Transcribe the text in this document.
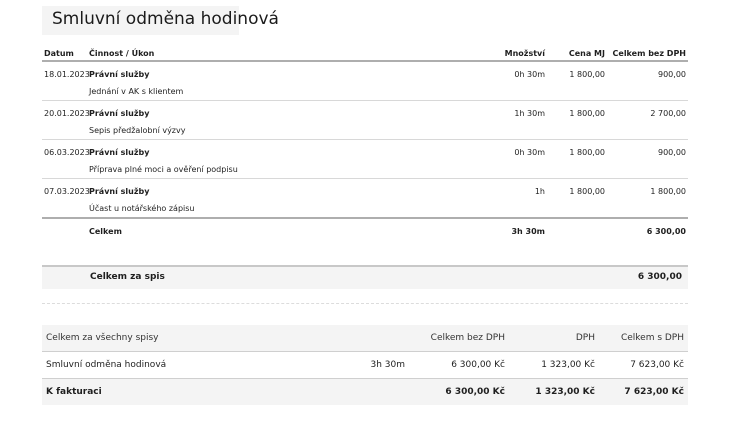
Smluvní odměna hodinová
Datum	Činnost / Úkon	Množství	Cena MJ	Celkem bez DPH
18.01.2023	Právní služby	0h 30m	1 800,00	900,00
	Jednání v AK s klientem			
20.01.2023	Právní služby	1h 30m	1 800,00	2 700,00
	Sepis předžalobní výzvy			
06.03.2023	Právní služby	0h 30m	1 800,00	900,00
	Příprava plné moci a ověření podpisu			
07.03.2023	Právní služby	1h	1 800,00	1 800,00
	Účast u notářského zápisu			
	Celkem	3h 30m		6 300,00
Celkem za spis	6 300,00
Celkem za všechny spisy		Celkem bez DPH	DPH	Celkem s DPH
Smluvní odměna hodinová	3h 30m	6 300,00 Kč	1 323,00 Kč	7 623,00 Kč
K fakturaci		6 300,00 Kč	1 323,00 Kč	7 623,00 Kč
